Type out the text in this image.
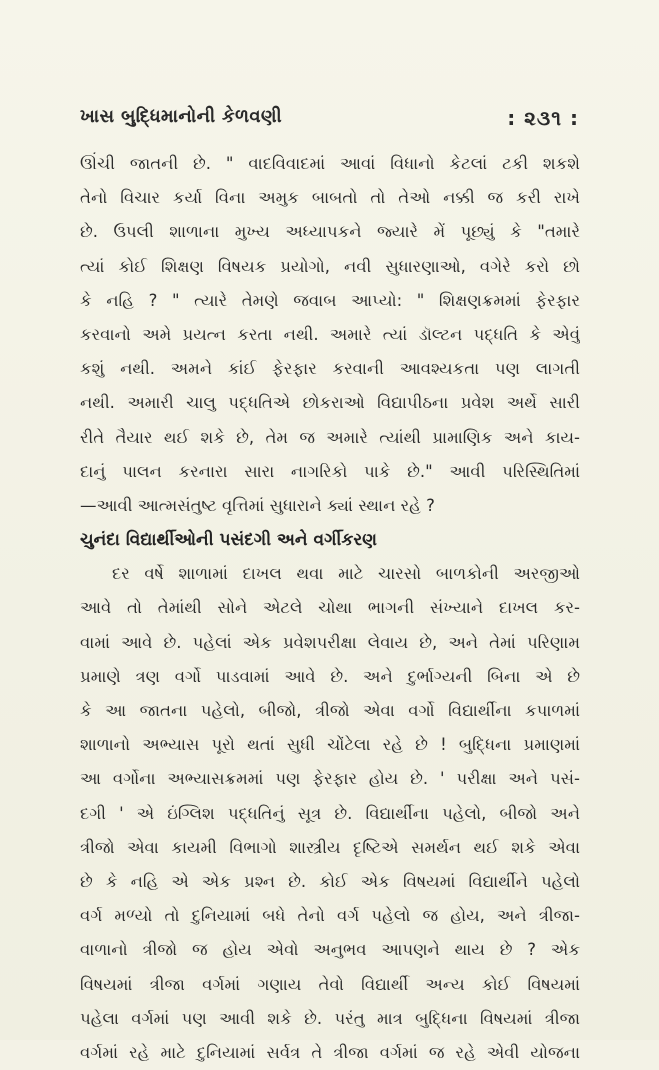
ખાસ બુદ્ધિમાનોની કેળવણી	: ૨૩૧ :
ઊંચી જાતની છે. " વાદવિવાદમાં આવાં વિધાનો કેટલાં ટકી શકશે
તેનો વિચાર કર્યા વિના અમુક બાબતો તો તેઓ નક્કી જ કરી રાખે
છે. ઉપલી શાળાના મુખ્ય અધ્યાપકને જ્યારે મેં પૂછ્યું કે "તમારે
ત્યાં કોઈ શિક્ષણ વિષયક પ્રયોગો, નવી સુધારણાઓ, વગેરે કરો છો
કે નહિ ? " ત્યારે તેમણે જવાબ આપ્યો: " શિક્ષણક્રમમાં ફેરફાર
કરવાનો અમે પ્રયત્ન કરતા નથી. અમારે ત્યાં ડૉલ્ટન પદ્ધતિ કે એવું
કશું નથી. અમને કાંઈ ફેરફાર કરવાની આવશ્યકતા પણ લાગતી
નથી. અમારી ચાલુ પદ્ધતિએ છોકરાઓ વિદ્યાપીઠના પ્રવેશ અર્થે સારી
રીતે તૈયાર થઈ શકે છે, તેમ જ અમારે ત્યાંથી પ્રામાણિક અને કાય-
દાનું પાલન કરનારા સારા નાગરિકો પાકે છે." આવી પરિસ્થિતિમાં
—આવી આત્મસંતુષ્ટ વૃત્તિમાં સુધારાને ક્યાં સ્થાન રહે ?
ચુનંદા વિદ્યાર્થીઓની પસંદગી અને વર્ગીકરણ
દર વર્ષે શાળામાં દાખલ થવા માટે ચારસો બાળકોની અરજીઓ
આવે તો તેમાંથી સોને એટલે ચોથા ભાગની સંખ્યાને દાખલ કર-
વામાં આવે છે. પહેલાં એક પ્રવેશપરીક્ષા લેવાય છે, અને તેમાં પરિણામ
પ્રમાણે ત્રણ વર્ગો પાડવામાં આવે છે. અને દુર્ભાગ્યની બિના એ છે
કે આ જાતના પહેલો, બીજો, ત્રીજો એવા વર્ગો વિદ્યાર્થીના કપાળમાં
શાળાનો અભ્યાસ પૂરો થતાં સુધી ચોંટેલા રહે છે ! બુદ્ધિના પ્રમાણમાં
આ વર્ગોના અભ્યાસક્રમમાં પણ ફેરફાર હોય છે. ' પરીક્ષા અને પસં-
દગી ' એ ઇંગ્લિશ પદ્ધતિનું સૂત્ર છે. વિદ્યાર્થીના પહેલો, બીજો અને
ત્રીજો એવા કાયમી વિભાગો શાસ્ત્રીય દૃષ્ટિએ સમર્થન થઈ શકે એવા
છે કે નહિ એ એક પ્રશ્ન છે. કોઈ એક વિષયમાં વિદ્યાર્થીને પહેલો
વર્ગ મળ્યો તો દુનિયામાં બધે તેનો વર્ગ પહેલો જ હોય, અને ત્રીજા-
વાળાનો ત્રીજો જ હોય એવો અનુભવ આપણને થાય છે ? એક
વિષયમાં ત્રીજા વર્ગમાં ગણાય તેવો વિદ્યાર્થી અન્ય કોઈ વિષયમાં
પહેલા વર્ગમાં પણ આવી શકે છે. પરંતુ માત્ર બુદ્ધિના વિષયમાં ત્રીજા
વર્ગમાં રહે માટે દુનિયામાં સર્વત્ર તે ત્રીજા વર્ગમાં જ રહે એવી યોજના
